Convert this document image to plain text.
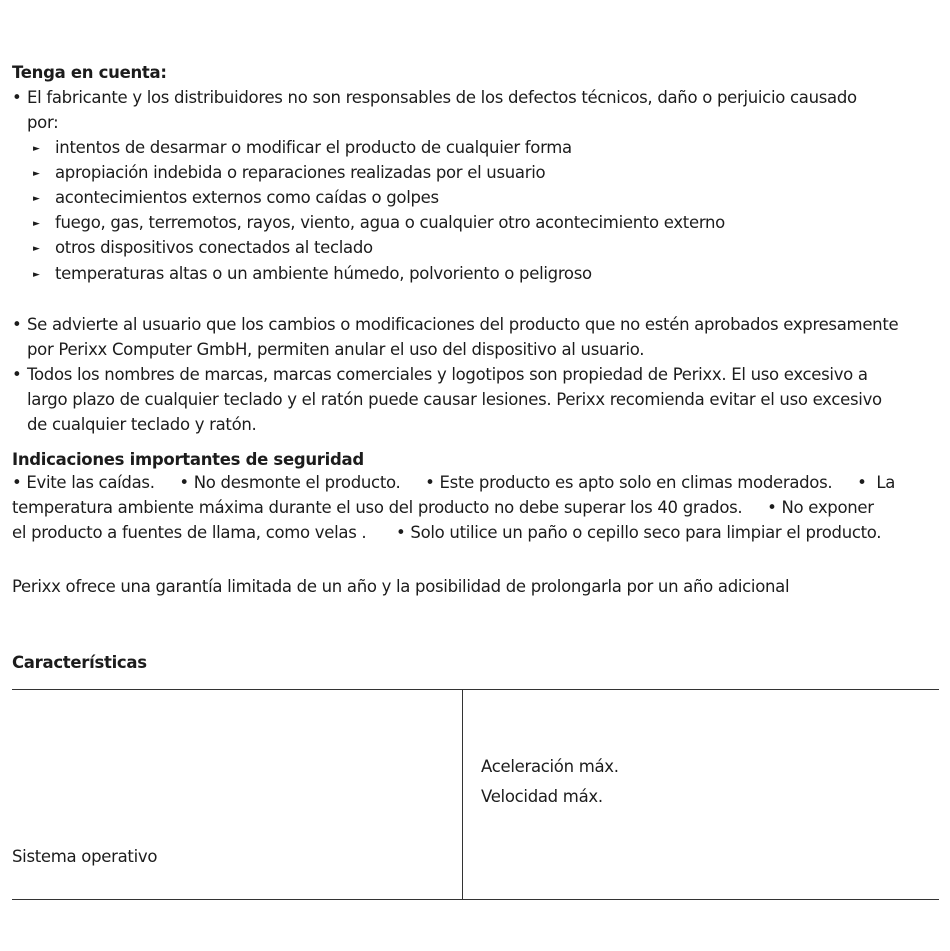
Tenga en cuenta:
• El fabricante y los distribuidores no son responsables de los defectos técnicos, daño o perjuicio causado
por:
► intentos de desarmar o modificar el producto de cualquier forma
► apropiación indebida o reparaciones realizadas por el usuario
► acontecimientos externos como caídas o golpes
► fuego, gas, terremotos, rayos, viento, agua o cualquier otro acontecimiento externo
► otros dispositivos conectados al teclado
► temperaturas altas o un ambiente húmedo, polvoriento o peligroso
• Se advierte al usuario que los cambios o modificaciones del producto que no estén aprobados expresamente
por Perixx Computer GmbH, permiten anular el uso del dispositivo al usuario.
• Todos los nombres de marcas, marcas comerciales y logotipos son propiedad de Perixx. El uso excesivo a
largo plazo de cualquier teclado y el ratón puede causar lesiones. Perixx recomienda evitar el uso excesivo
de cualquier teclado y ratón.
Indicaciones importantes de seguridad
• Evite las caídas.     • No desmonte el producto.     • Este producto es apto solo en climas moderados.     •  La
temperatura ambiente máxima durante el uso del producto no debe superar los 40 grados.     • No exponer
el producto a fuentes de llama, como velas .      • Solo utilice un paño o cepillo seco para limpiar el producto.
Perixx ofrece una garantía limitada de un año y la posibilidad de prolongarla por un año adicional
Características
Aceleración máx.
Velocidad máx.
Sistema operativo
